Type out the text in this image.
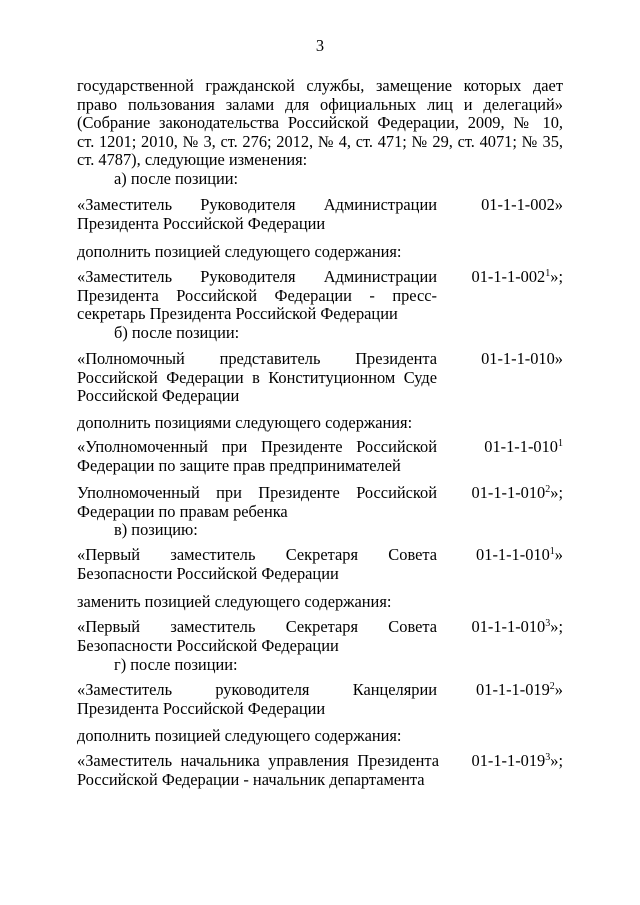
3
государственной гражданской службы, замещение которых дает
право пользования залами для официальных лиц и делегаций»
(Собрание законодательства Российской Федерации, 2009, № 10,
ст. 1201; 2010, № 3, ст. 276; 2012, № 4, ст. 471; № 29, ст. 4071; № 35,
ст. 4787), следующие изменения:
а) после позиции:
«Заместитель Руководителя Администрации
Президента Российской Федерации
01-1-1-002»
дополнить позицией следующего содержания:
«Заместитель Руководителя Администрации
Президента Российской Федерации - пресс-
секретарь Президента Российской Федерации
$01-1-1-002^1$»;
б) после позиции:
«Полномочный представитель Президента
Российской Федерации в Конституционном Суде
Российской Федерации
01-1-1-010»
дополнить позициями следующего содержания:
«Уполномоченный при Президенте Российской
Федерации по защите прав предпринимателей
$01-1-1-010^1$
Уполномоченный при Президенте Российской
Федерации по правам ребенка
$01-1-1-010^2$»;
в) позицию:
«Первый заместитель Секретаря Совета
Безопасности Российской Федерации
$01-1-1-010^1$»
заменить позицией следующего содержания:
«Первый заместитель Секретаря Совета
Безопасности Российской Федерации
$01-1-1-010^3$»;
г) после позиции:
«Заместитель руководителя Канцелярии
Президента Российской Федерации
$01-1-1-019^2$»
дополнить позицией следующего содержания:
«Заместитель начальника управления Президента
Российской Федерации - начальник департамента
$01-1-1-019^3$»;
